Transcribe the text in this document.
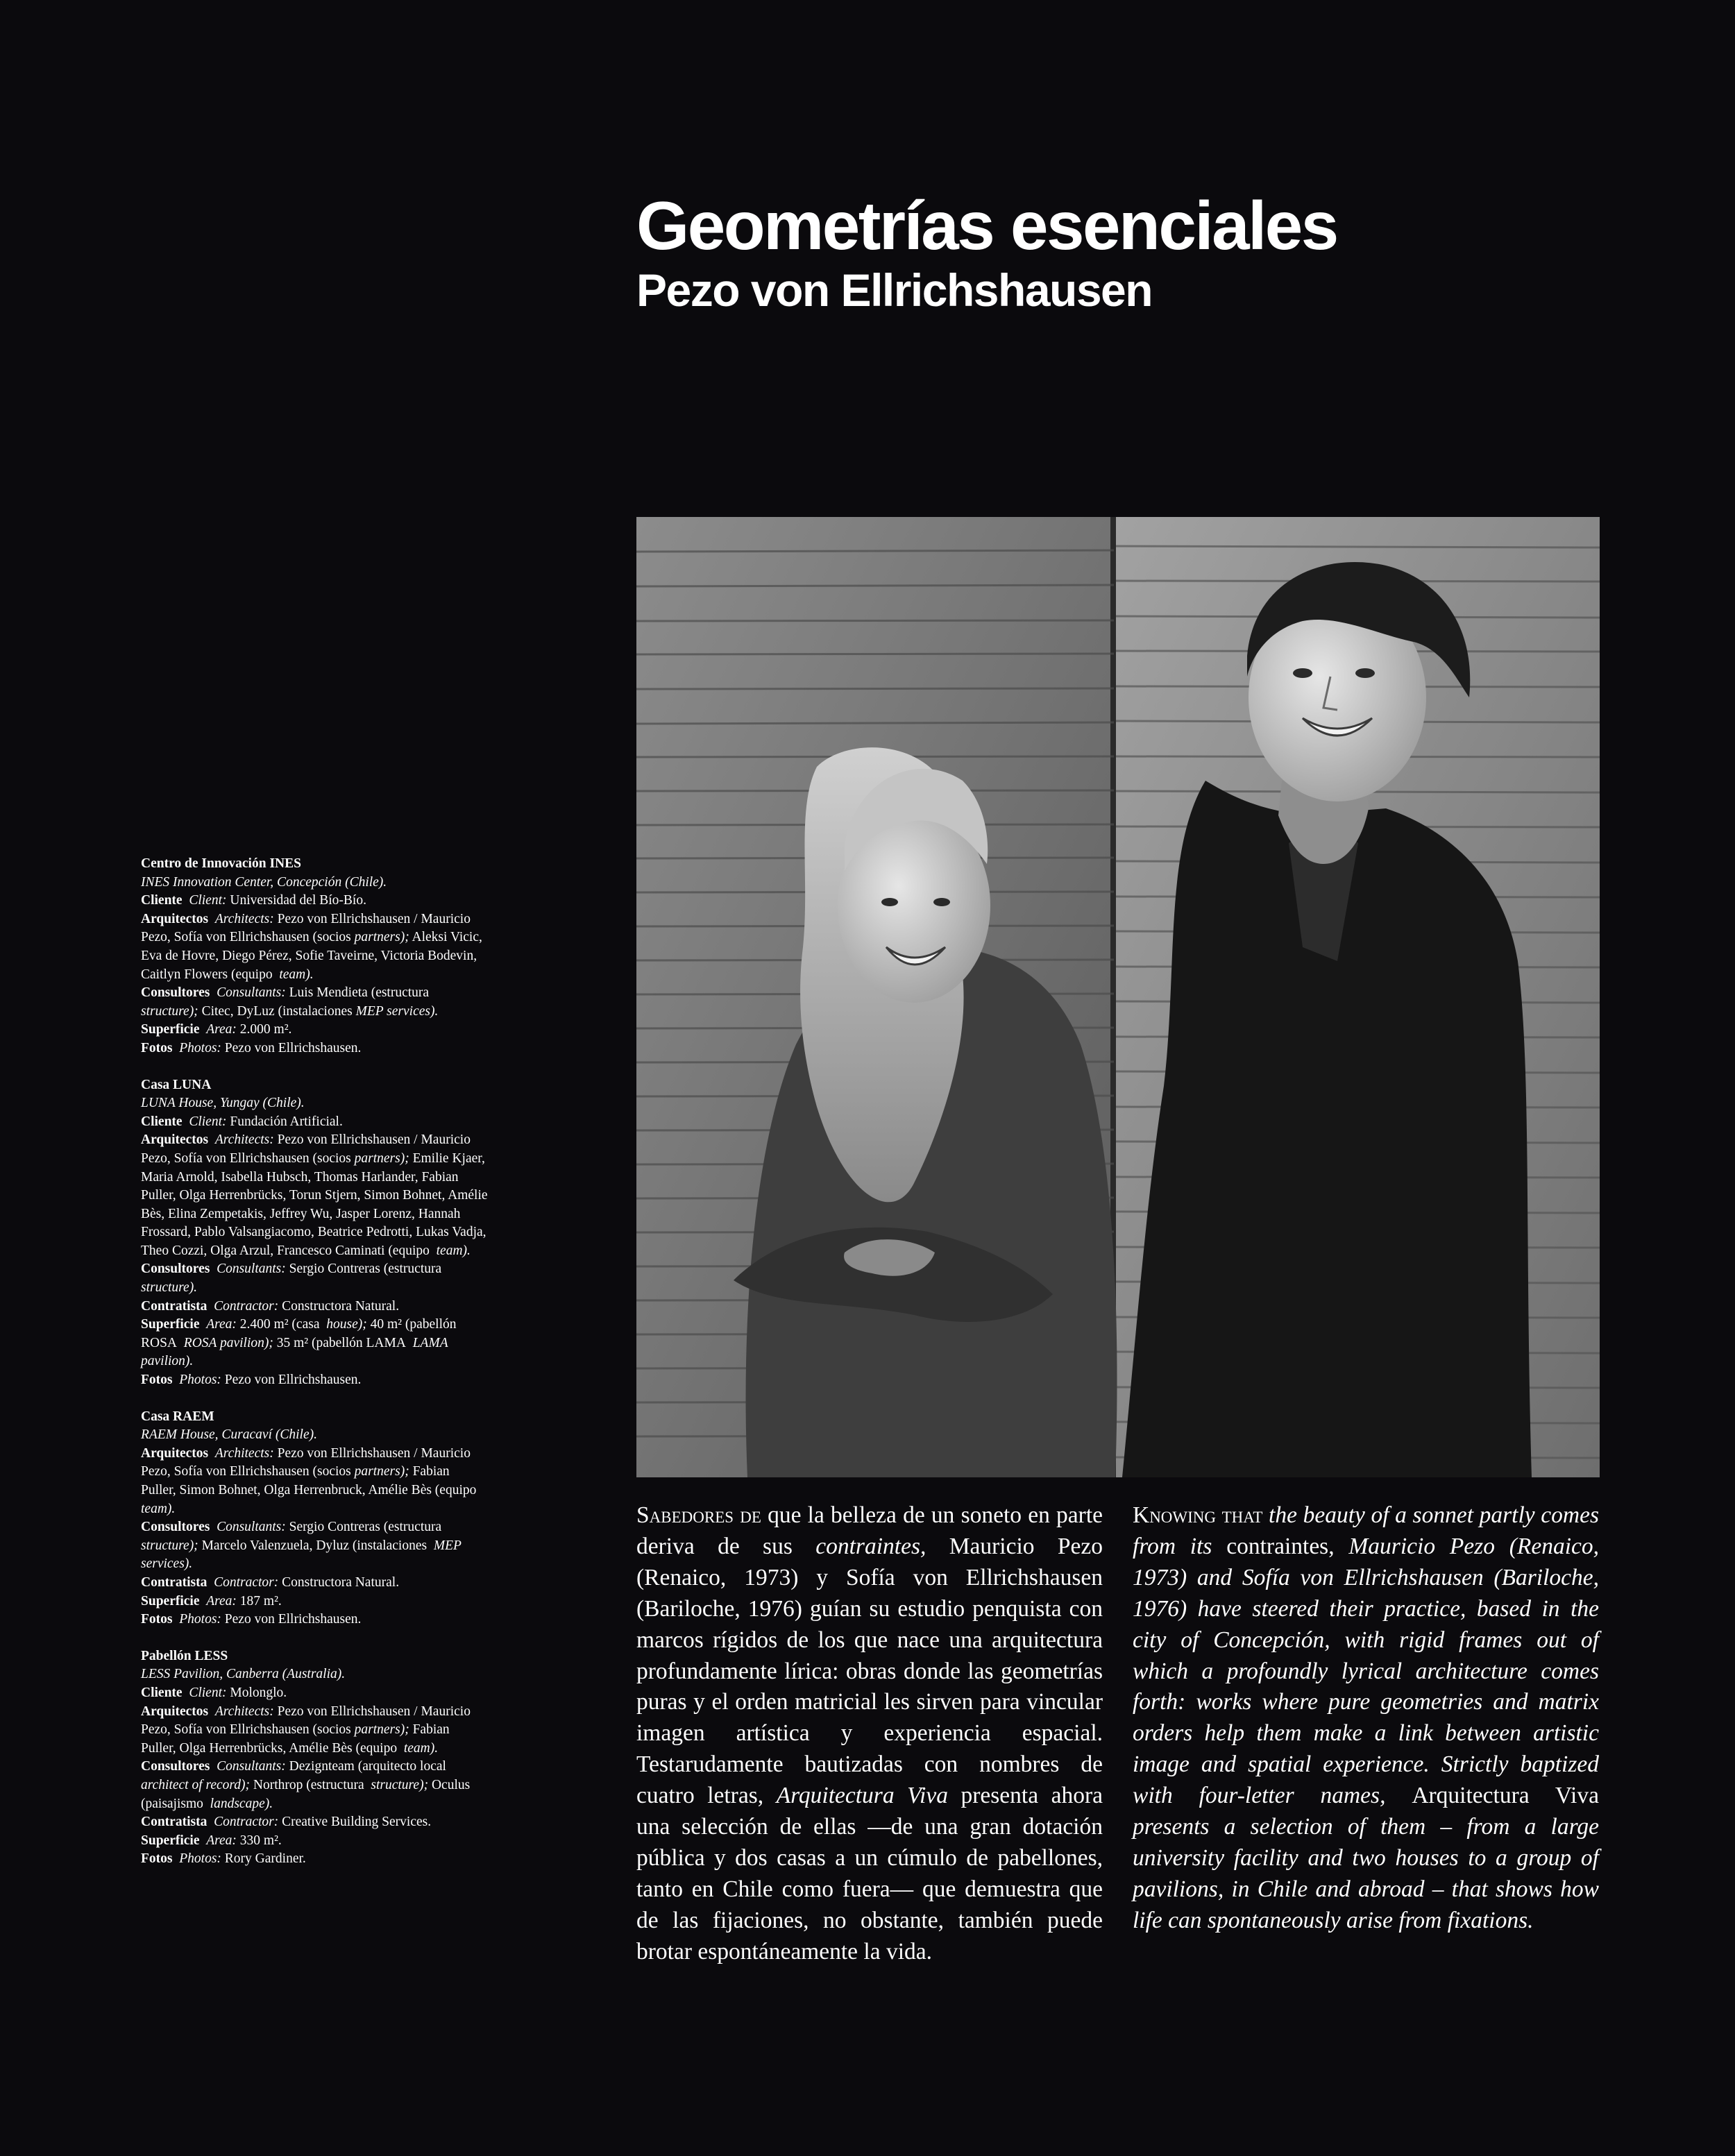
Geometrías esenciales
Pezo von Ellrichshausen
Centro de Innovación INES
INES Innovation Center, Concepción (Chile).
Cliente Client: Universidad del Bío-Bío.
Arquitectos Architects: Pezo von Ellrichshausen / Mauricio Pezo, Sofía von Ellrichshausen (socios partners); Aleksi Vicic, Eva de Hovre, Diego Pérez, Sofie Taveirne, Victoria Bodevin, Caitlyn Flowers (equipo team).
Consultores Consultants: Luis Mendieta (estructura  structure); Citec, DyLuz (instalaciones MEP services).
Superficie Area: 2.000 m².
Fotos Photos: Pezo von Ellrichshausen.
Casa LUNA
LUNA House, Yungay (Chile).
Cliente Client: Fundación Artificial.
Arquitectos Architects: Pezo von Ellrichshausen / Mauricio Pezo, Sofía von Ellrichshausen (socios partners); Emilie Kjaer, Maria Arnold, Isabella Hubsch, Thomas Harlander, Fabian Puller, Olga Herrenbrücks, Torun Stjern, Simon Bohnet, Amélie Bès, Elina Zempetakis, Jeffrey Wu, Jasper Lorenz, Hannah Frossard, Pablo Valsangiacomo, Beatrice Pedrotti, Lukas Vadja, Theo Cozzi, Olga Arzul, Francesco Caminati (equipo team).
Consultores Consultants: Sergio Contreras (estructura  structure).
Contratista Contractor: Constructora Natural.
Superficie Area: 2.400 m² (casa house); 40 m² (pabellón ROSA ROSA pavilion); 35 m² (pabellón LAMA LAMA pavilion).
Fotos Photos: Pezo von Ellrichshausen.
Casa RAEM
RAEM House, Curacaví (Chile).
Arquitectos Architects: Pezo von Ellrichshausen / Mauricio Pezo, Sofía von Ellrichshausen (socios partners); Fabian Puller, Simon Bohnet, Olga Herrenbruck, Amélie Bès (equipo  team).
Consultores Consultants: Sergio Contreras (estructura  structure); Marcelo Valenzuela, Dyluz (instalaciones MEP services).
Contratista Contractor: Constructora Natural.
Superficie Area: 187 m².
Fotos Photos: Pezo von Ellrichshausen.
Pabellón LESS
LESS Pavilion, Canberra (Australia).
Cliente Client: Molonglo.
Arquitectos Architects: Pezo von Ellrichshausen / Mauricio Pezo, Sofía von Ellrichshausen (socios partners); Fabian Puller, Olga Herrenbrücks, Amélie Bès (equipo team).
Consultores Consultants: Dezignteam (arquitecto local  architect of record); Northrop (estructura structure); Oculus (paisajismo landscape).
Contratista Contractor: Creative Building Services.
Superficie Area: 330 m².
Fotos Photos: Rory Gardiner.
Sabedores de que la belleza de un soneto en parte deriva de sus contraintes, Mauricio Pezo (Renaico, 1973) y Sofía von Ellrichshausen (Bariloche, 1976) guían su estudio penquista con marcos rígidos de los que nace una arquitectura profundamente lírica: obras donde las geometrías puras y el orden matricial les sirven para vincular imagen artística y experiencia espacial. Testarudamente bautizadas con nombres de cuatro letras, Arquitectura Viva presenta ahora una selección de ellas —de una gran dotación pública y dos casas a un cúmulo de pabellones, tanto en Chile como fuera— que demuestra que de las fijaciones, no obstante, también puede brotar espontáneamente la vida.
Knowing that the beauty of a sonnet partly comes from its contraintes, Mauricio Pezo (Renaico, 1973) and Sofía von Ellrichshausen (Bariloche, 1976) have steered their practice, based in the city of Concepción, with rigid frames out of which a profoundly lyrical architecture comes forth: works where pure geometries and matrix orders help them make a link between artistic image and spatial experience. Strictly baptized with four-letter names, Arquitectura Viva presents a selection of them – from a large university facility and two houses to a group of pavilions, in Chile and abroad – that shows how life can spontaneously arise from fixations.
